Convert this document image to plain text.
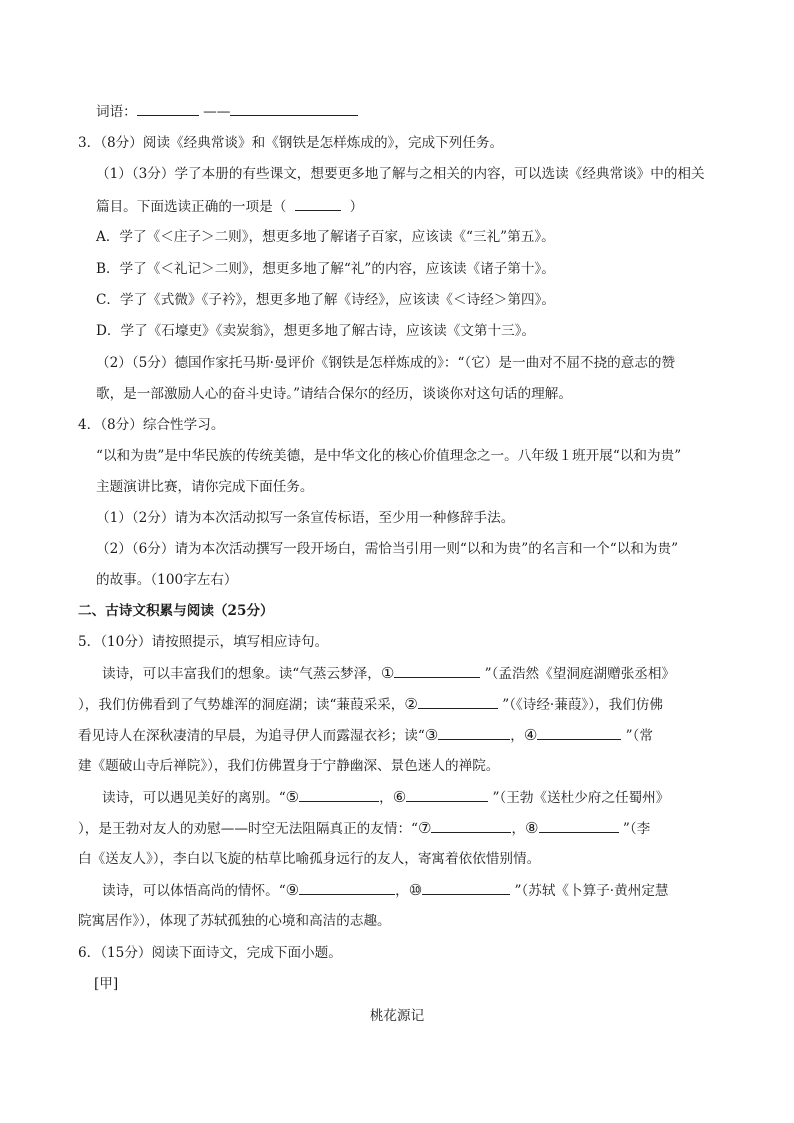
词语：	——
3．（8分）阅读《经典常谈》和《钢铁是怎样炼成的》，完成下列任务。
（1）（3分）学了本册的有些课文，想要更多地了解与之相关的内容，可以选读《经典常谈》中的相关
篇目。下面选读正确的一项是（	）
A．学了《＜庄子＞二则》，想更多地了解诸子百家，应该读《“三礼”第五》。
B．学了《＜礼记＞二则》，想更多地了解“礼”的内容，应该读《诸子第十》。
C．学了《式微》《子衿》，想更多地了解《诗经》，应该读《＜诗经＞第四》。
D．学了《石壕吏》《卖炭翁》，想更多地了解古诗，应该读《文第十三》。
（2）（5分）德国作家托马斯·曼评价《钢铁是怎样炼成的》：“（它）是一曲对不屈不挠的意志的赞
歌，是一部激励人心的奋斗史诗。”请结合保尔的经历，谈谈你对这句话的理解。
4．（8分）综合性学习。
“以和为贵”是中华民族的传统美德，是中华文化的核心价值理念之一。八年级１班开展“以和为贵”
主题演讲比赛，请你完成下面任务。
（1）（2分）请为本次活动拟写一条宣传标语，至少用一种修辞手法。
（2）（6分）请为本次活动撰写一段开场白，需恰当引用一则“以和为贵”的名言和一个“以和为贵”
的故事。（100字左右）
二、古诗文积累与阅读（25分）
5．（10分）请按照提示，填写相应诗句。
读诗，可以丰富我们的想象。读“气蒸云梦泽，①	”（孟浩然《望洞庭湖赠张丞相》
），我们仿佛看到了气势雄浑的洞庭湖；读“蒹葭采采，②	”（《诗经·蒹葭》），我们仿佛
看见诗人在深秋凄清的早晨，为追寻伊人而露湿衣衫；读“③	，④	”（常
建《题破山寺后禅院》），我们仿佛置身于宁静幽深、景色迷人的禅院。
读诗，可以遇见美好的离别。“⑤	，⑥	”（王勃《送杜少府之任蜀州》
），是王勃对友人的劝慰——时空无法阻隔真正的友情：“⑦	，⑧	”（李
白《送友人》），李白以飞旋的枯草比喻孤身远行的友人，寄寓着依依惜别情。
读诗，可以体悟高尚的情怀。“⑨	，⑩	”（苏轼《卜算子·黄州定慧
院寓居作》），体现了苏轼孤独的心境和高洁的志趣。
6．（15分）阅读下面诗文，完成下面小题。
[甲]
桃花源记
